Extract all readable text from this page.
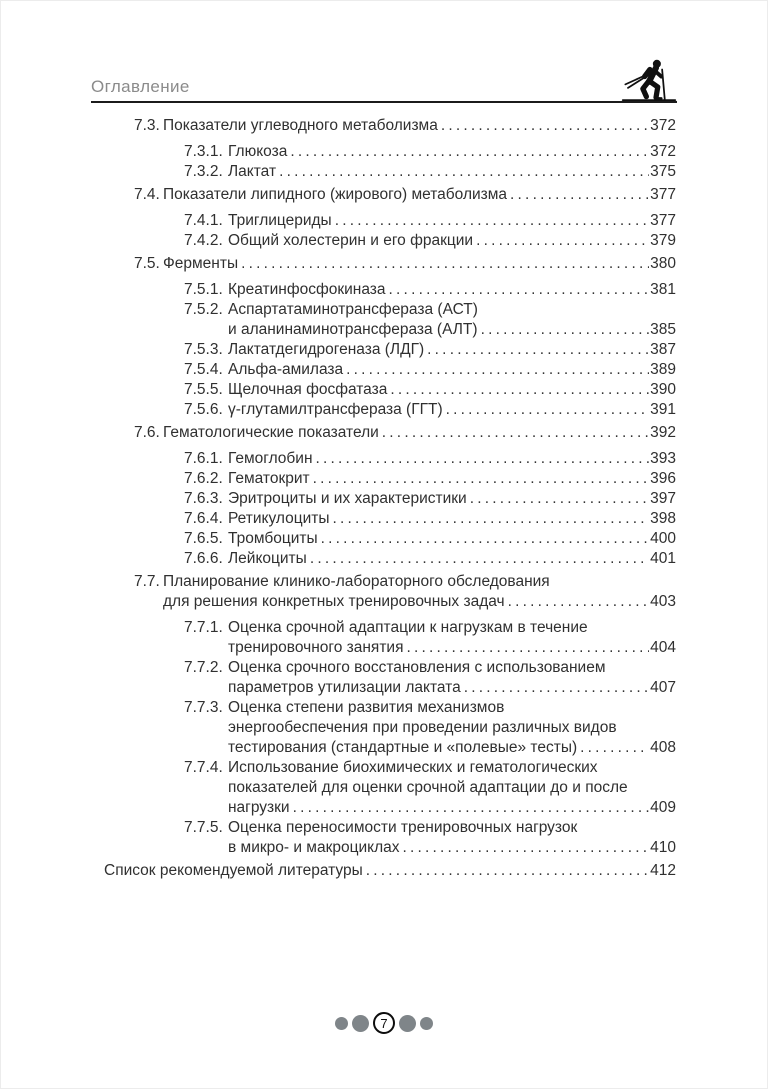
Оглавление
7.3. Показатели углеводного метаболизма .....	372
7.3.1. Глюкоза .....	372
7.3.2. Лактат .....	375
7.4. Показатели липидного (жирового) метаболизма .....	377
7.4.1. Триглицериды .....	377
7.4.2. Общий холестерин и его фракции .....	379
7.5. Ферменты .....	380
7.5.1. Креатинфосфокиназа .....	381
7.5.2. Аспартатаминотрансфераза (АСТ)
и аланинаминотрансфераза (АЛТ) .....	385
7.5.3. Лактатдегидрогеназа (ЛДГ) .....	387
7.5.4. Альфа-амилаза .....	389
7.5.5. Щелочная фосфатаза .....	390
7.5.6. γ-глутамилтрансфераза (ГГТ) .....	391
7.6. Гематологические показатели .....	392
7.6.1. Гемоглобин .....	393
7.6.2. Гематокрит .....	396
7.6.3. Эритроциты и их характеристики .....	397
7.6.4. Ретикулоциты .....	398
7.6.5. Тромбоциты .....	400
7.6.6. Лейкоциты .....	401
7.7. Планирование клинико-лабораторного обследования
для решения конкретных тренировочных задач .....	403
7.7.1. Оценка срочной адаптации к нагрузкам в течение
тренировочного занятия .....	404
7.7.2. Оценка срочного восстановления с использованием
параметров утилизации лактата .....	407
7.7.3. Оценка степени развития механизмов
энергообеспечения при проведении различных видов
тестирования (стандартные и «полевые» тесты) .....	408
7.7.4. Использование биохимических и гематологических
показателей для оценки срочной адаптации до и после
нагрузки .....	409
7.7.5. Оценка переносимости тренировочных нагрузок
в микро- и макроциклах .....	410
Список рекомендуемой литературы .....	412
7
